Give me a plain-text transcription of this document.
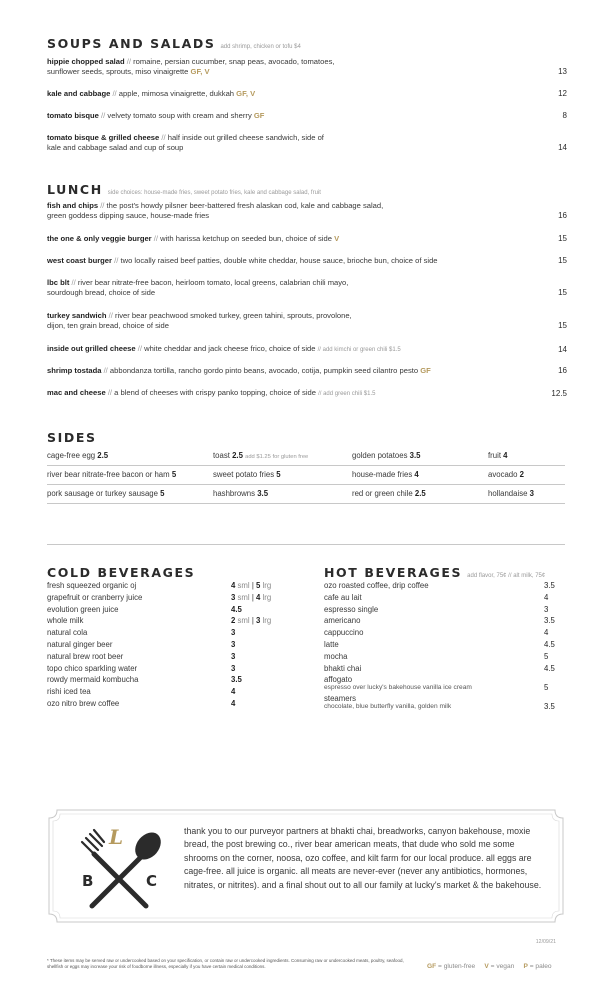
SOUPS AND SALADS add shrimp, chicken or tofu $4
hippie chopped salad // romaine, persian cucumber, snap peas, avocado, tomatoes,
sunflower seeds, sprouts, miso vinaigrette GF, V	13
kale and cabbage // apple, mimosa vinaigrette, dukkah GF, V	12
tomato bisque // velvety tomato soup with cream and sherry GF	8
tomato bisque & grilled cheese // half inside out grilled cheese sandwich, side of
kale and cabbage salad and cup of soup	14
LUNCH side choices: house-made fries, sweet potato fries, kale and cabbage salad, fruit
fish and chips // the post's howdy pilsner beer-battered fresh alaskan cod, kale and cabbage salad,
green goddess dipping sauce, house-made fries	16
the one & only veggie burger // with harissa ketchup on seeded bun, choice of side V	15
west coast burger // two locally raised beef patties, double white cheddar, house sauce, brioche bun, choice of side	15
lbc blt // river bear nitrate-free bacon, heirloom tomato, local greens, calabrian chili mayo,
sourdough bread, choice of side	15
turkey sandwich // river bear peachwood smoked turkey, green tahini, sprouts, provolone,
dijon, ten grain bread, choice of side	15
inside out grilled cheese // white cheddar and jack cheese frico, choice of side // add kimchi or green chili $1.5	14
shrimp tostada // abbondanza tortilla, rancho gordo pinto beans, avocado, cotija, pumpkin seed cilantro pesto GF	16
mac and cheese // a blend of cheeses with crispy panko topping, choice of side // add green chili $1.5	12.5
SIDES
cage-free egg 2.5	toast 2.5 add $1.25 for gluten free	golden potatoes 3.5	fruit 4
river bear nitrate-free bacon or ham 5	sweet potato fries 5	house-made fries 4	avocado 2
pork sausage or turkey sausage 5	hashbrowns 3.5	red or green chile 2.5	hollandaise 3
COLD BEVERAGES
fresh squeezed organic oj	4 sml | 5 lrg
grapefruit or cranberry juice	3 sml | 4 lrg
evolution green juice	4.5
whole milk	2 sml | 3 lrg
natural cola	3
natural ginger beer	3
natural brew root beer	3
topo chico sparkling water	3
rowdy mermaid kombucha	3.5
rishi iced tea	4
ozo nitro brew coffee	4
HOT BEVERAGES add flavor, 75¢ // alt milk, 75¢
ozo roasted coffee, drip coffee	3.5
cafe au lait	4
espresso single	3
americano	3.5
cappuccino	4
latte	4.5
mocha	5
bhakti chai	4.5
affogato
espresso over lucky's bakehouse vanilla ice cream	5
steamers
chocolate, blue butterfly vanilla, golden milk	3.5
L
B	C
thank you to our purveyor partners at bhakti chai, breadworks, canyon bakehouse, moxie bread, the post brewing co., river bear american meats, that dude who sold me some shrooms on the corner, noosa, ozo coffee, and kilt farm for our local produce. all eggs are cage-free. all juice is organic. all meats are never-ever (never any antibiotics, hormones, nitrates, or nitrites). and a final shout out to all our family at lucky's market & the bakehouse.
12/09/21
* These items may be served raw or undercooked based on your specification, or contain raw or undercooked ingredients. Consuming raw or undercooked meats, poultry, seafood, shellfish or eggs may increase your risk of foodborne illness, especially if you have certain medical conditions.	GF = gluten-free V = vegan P = paleo
